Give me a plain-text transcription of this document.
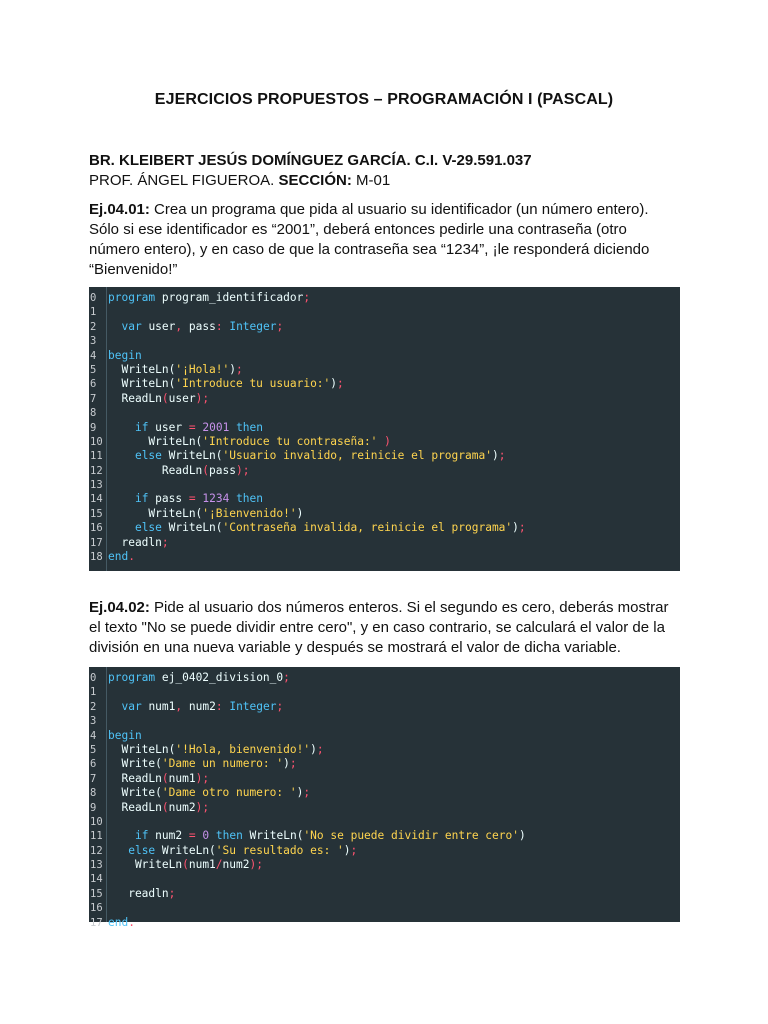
EJERCICIOS PROPUESTOS – PROGRAMACIÓN I (PASCAL)
BR. KLEIBERT JESÚS DOMÍNGUEZ GARCÍA. C.I. V-29.591.037
PROF. ÁNGEL FIGUEROA. SECCIÓN: M-01
Ej.04.01: Crea un programa que pida al usuario su identificador (un número entero).
Sólo si ese identificador es “2001”, deberá entonces pedirle una contraseña (otro
número entero), y en caso de que la contraseña sea “1234”, ¡le responderá diciendo
“Bienvenido!”
0	program program_identificador;
1
2	var user, pass: Integer;
3
4	begin
5	WriteLn('¡Hola!');
6	WriteLn('Introduce tu usuario:');
7	ReadLn(user);
8
9	if user = 2001 then
10 WriteLn('Introduce tu contraseña:' )
11	else WriteLn('Usuario invalido, reinicie el programa');
12 ReadLn(pass);
13
14	if pass = 1234 then
15 WriteLn('¡Bienvenido!')
16	else WriteLn('Contraseña invalida, reinicie el programa');
17 readln;
18 end.
Ej.04.02: Pide al usuario dos números enteros. Si el segundo es cero, deberás mostrar
el texto "No se puede dividir entre cero", y en caso contrario, se calculará el valor de la
división en una nueva variable y después se mostrará el valor de dicha variable.
0	program ej_0402_division_0;
1
2	var num1, num2: Integer;
3
4	begin
5	WriteLn('!Hola, bienvenido!');
6	Write('Dame un numero: ');
7	ReadLn(num1);
8	Write('Dame otro numero: ');
9	ReadLn(num2);
10
11	if num2 = 0 then WriteLn('No se puede dividir entre cero')
12	else WriteLn('Su resultado es: ');
13 WriteLn(num1/num2);
14
15 readln;
16
17 end.
